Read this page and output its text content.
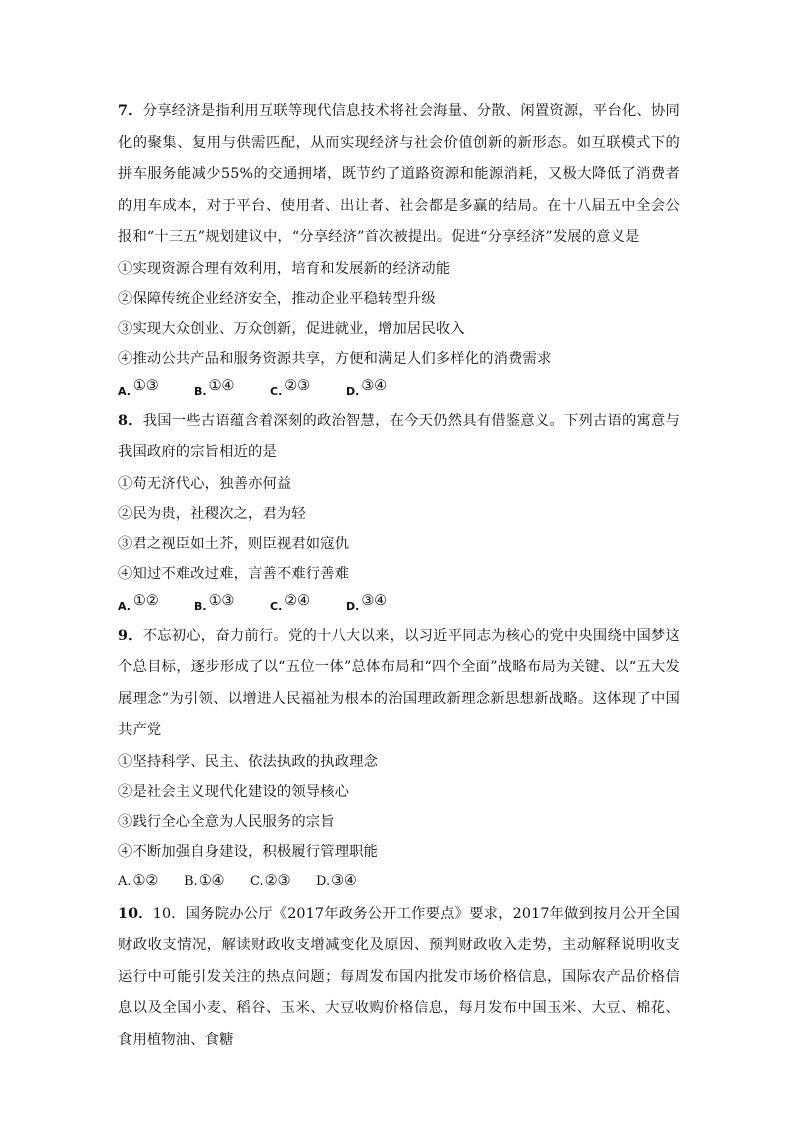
7．分享经济是指利用互联等现代信息技术将社会海量、分散、闲置资源，平台化、协同化的聚集、复用与供需匹配，从而实现经济与社会价值创新的新形态。如互联模式下的拼车服务能减少55%的交通拥堵，既节约了道路资源和能源消耗，又极大降低了消费者的用车成本，对于平台、使用者、出让者、社会都是多赢的结局。在十八届五中全会公报和“十三五”规划建议中，“分享经济”首次被提出。促进“分享经济”发展的意义是

①实现资源合理有效利用，培育和发展新的经济动能

②保障传统企业经济安全，推动企业平稳转型升级

③实现大众创业、万众创新，促进就业，增加居民收入

④推动公共产品和服务资源共享，方便和满足人们多样化的消费需求

$_{A.}$ ①③	$_{B.}$ ①④	$_{C.}$ ②③	$_{D.}$ ③④

8．我国一些古语蕴含着深刻的政治智慧，在今天仍然具有借鉴意义。下列古语的寓意与我国政府的宗旨相近的是

①苟无济代心，独善亦何益

②民为贵，社稷次之，君为轻

③君之视臣如土芥，则臣视君如寇仇

④知过不难改过难，言善不难行善难

$_{A.}$ ①②	$_{B.}$ ①③	$_{C.}$ ②④	$_{D.}$ ③④

9．不忘初心，奋力前行。党的十八大以来，以习近平同志为核心的党中央围绕中国梦这个总目标，逐步形成了以“五位一体”总体布局和“四个全面”战略布局为关键、以“五大发展理念”为引领、以增进人民福祉为根本的治国理政新理念新思想新战略。这体现了中国共产党

①坚持科学、民主、依法执政的执政理念

②是社会主义现代化建设的领导核心

③践行全心全意为人民服务的宗旨

④不断加强自身建设，积极履行管理职能

A.①② B.①④ C.②③ D.③④

10．10．国务院办公厅《2017年政务公开工作要点》要求，2017年做到按月公开全国财政收支情况，解读财政收支增减变化及原因、预判财政收入走势，主动解释说明收支运行中可能引发关注的热点问题；每周发布国内批发市场价格信息，国际农产品价格信息以及全国小麦、稻谷、玉米、大豆收购价格信息，每月发布中国玉米、大豆、棉花、食用植物油、食糖
